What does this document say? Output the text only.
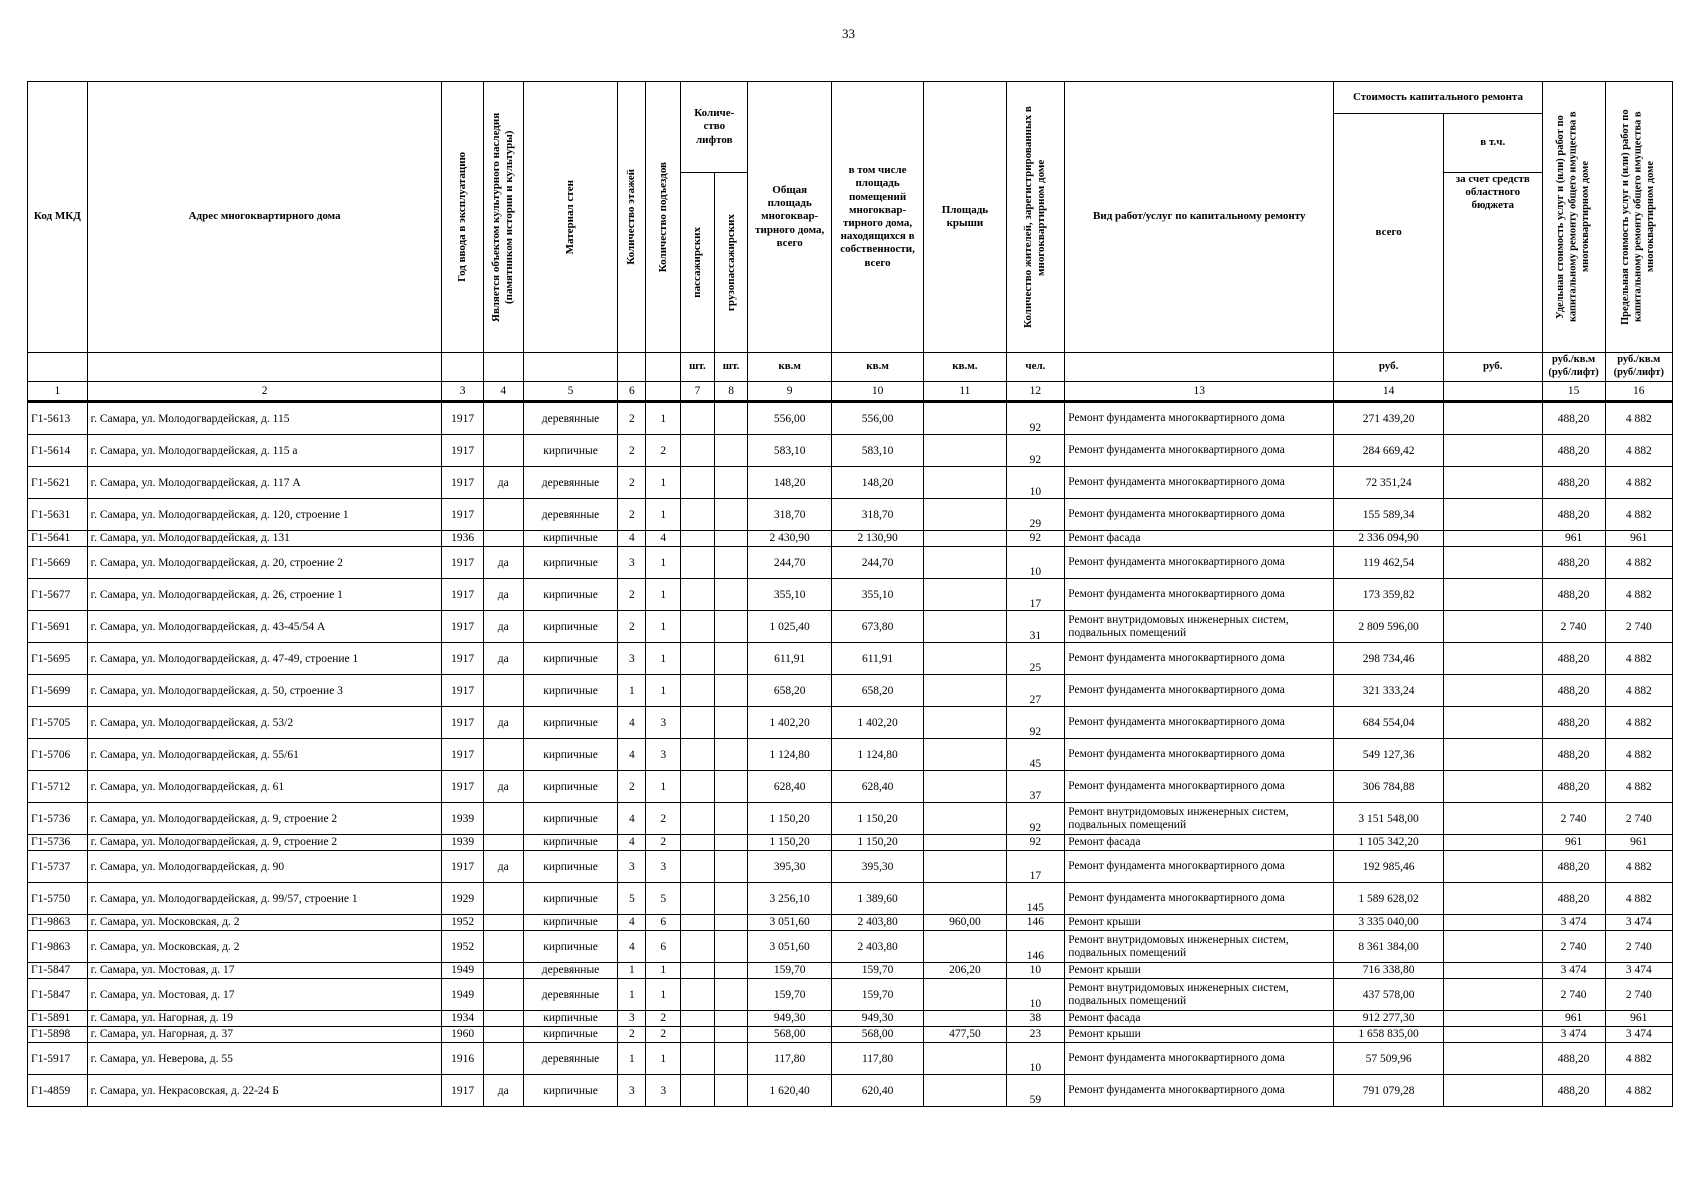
33
Код МКД	Адрес многоквартирного дома	Год ввода в эксплуатацию	Является объектом культурного наследия (памятником истории и культуры)	Материал стен	Количество этажей	Количество подъездов	Количе-ство лифтов		Общая площадь многоквар-тирного дома, всего	в том числе площадь помещений многоквар-тирного дома, находящихся в собственности, всего	Площадь крыши	Количество жителей, зарегистрированных в многоквартирном доме	Вид работ/услуг по капитальному ремонту	Стоимость капитального ремонта		Удельная стоимость услуг и (или) работ по капитальному ремонту общего имущества в многоквартирном доме	Предельная стоимость услуг и (или) работ по капитальному ремонту общего имущества в многоквартирном доме

														всего	в т.ч.		

							пассажирских	грузопассажирских							за счет средств областного бюджета		
							шт.	шт.	кв.м	кв.м	кв.м.	чел.		руб.	руб.	руб./кв.м (руб/лифт)	руб./кв.м (руб/лифт)
1	2	3	4	5	6		7	8	9	10	11	12	13	14		15	16
Г1-5613	г. Самара, ул. Молодогвардейская, д. 115	1917		деревянные	2	1			556,00	556,00		92	Ремонт фундамента многоквартирного дома	271 439,20		488,20	4 882
Г1-5614	г. Самара, ул. Молодогвардейская, д. 115 а	1917		кирпичные	2	2			583,10	583,10		92	Ремонт фундамента многоквартирного дома	284 669,42		488,20	4 882
Г1-5621	г. Самара, ул. Молодогвардейская, д. 117 А	1917	да	деревянные	2	1			148,20	148,20		10	Ремонт фундамента многоквартирного дома	72 351,24		488,20	4 882
Г1-5631	г. Самара, ул. Молодогвардейская, д. 120, строение 1	1917		деревянные	2	1			318,70	318,70		29	Ремонт фундамента многоквартирного дома	155 589,34		488,20	4 882
Г1-5641	г. Самара, ул. Молодогвардейская, д. 131	1936		кирпичные	4	4			2 430,90	2 130,90		92	Ремонт фасада	2 336 094,90		961	961
Г1-5669	г. Самара, ул. Молодогвардейская, д. 20, строение 2	1917	да	кирпичные	3	1			244,70	244,70		10	Ремонт фундамента многоквартирного дома	119 462,54		488,20	4 882
Г1-5677	г. Самара, ул. Молодогвардейская, д. 26, строение 1	1917	да	кирпичные	2	1			355,10	355,10		17	Ремонт фундамента многоквартирного дома	173 359,82		488,20	4 882
Г1-5691	г. Самара, ул. Молодогвардейская, д. 43-45/54 А	1917	да	кирпичные	2	1			1 025,40	673,80		31	Ремонт внутридомовых инженерных систем, подвальных помещений	2 809 596,00		2 740	2 740
Г1-5695	г. Самара, ул. Молодогвардейская, д. 47-49, строение 1	1917	да	кирпичные	3	1			611,91	611,91		25	Ремонт фундамента многоквартирного дома	298 734,46		488,20	4 882
Г1-5699	г. Самара, ул. Молодогвардейская, д. 50, строение 3	1917		кирпичные	1	1			658,20	658,20		27	Ремонт фундамента многоквартирного дома	321 333,24		488,20	4 882
Г1-5705	г. Самара, ул. Молодогвардейская, д. 53/2	1917	да	кирпичные	4	3			1 402,20	1 402,20		92	Ремонт фундамента многоквартирного дома	684 554,04		488,20	4 882
Г1-5706	г. Самара, ул. Молодогвардейская, д. 55/61	1917		кирпичные	4	3			1 124,80	1 124,80		45	Ремонт фундамента многоквартирного дома	549 127,36		488,20	4 882
Г1-5712	г. Самара, ул. Молодогвардейская, д. 61	1917	да	кирпичные	2	1			628,40	628,40		37	Ремонт фундамента многоквартирного дома	306 784,88		488,20	4 882
Г1-5736	г. Самара, ул. Молодогвардейская, д. 9, строение 2	1939		кирпичные	4	2			1 150,20	1 150,20		92	Ремонт внутридомовых инженерных систем, подвальных помещений	3 151 548,00		2 740	2 740
Г1-5736	г. Самара, ул. Молодогвардейская, д. 9, строение 2	1939		кирпичные	4	2			1 150,20	1 150,20		92	Ремонт фасада	1 105 342,20		961	961
Г1-5737	г. Самара, ул. Молодогвардейская, д. 90	1917	да	кирпичные	3	3			395,30	395,30		17	Ремонт фундамента многоквартирного дома	192 985,46		488,20	4 882
Г1-5750	г. Самара, ул. Молодогвардейская, д. 99/57, строение 1	1929		кирпичные	5	5			3 256,10	1 389,60		145	Ремонт фундамента многоквартирного дома	1 589 628,02		488,20	4 882
Г1-9863	г. Самара, ул. Московская, д. 2	1952		кирпичные	4	6			3 051,60	2 403,80	960,00	146	Ремонт крыши	3 335 040,00		3 474	3 474
Г1-9863	г. Самара, ул. Московская, д. 2	1952		кирпичные	4	6			3 051,60	2 403,80		146	Ремонт внутридомовых инженерных систем, подвальных помещений	8 361 384,00		2 740	2 740
Г1-5847	г. Самара, ул. Мостовая, д. 17	1949		деревянные	1	1			159,70	159,70	206,20	10	Ремонт крыши	716 338,80		3 474	3 474
Г1-5847	г. Самара, ул. Мостовая, д. 17	1949		деревянные	1	1			159,70	159,70		10	Ремонт внутридомовых инженерных систем, подвальных помещений	437 578,00		2 740	2 740
Г1-5891	г. Самара, ул. Нагорная, д. 19	1934		кирпичные	3	2			949,30	949,30		38	Ремонт фасада	912 277,30		961	961
Г1-5898	г. Самара, ул. Нагорная, д. 37	1960		кирпичные	2	2			568,00	568,00	477,50	23	Ремонт крыши	1 658 835,00		3 474	3 474
Г1-5917	г. Самара, ул. Неверова, д. 55	1916		деревянные	1	1			117,80	117,80		10	Ремонт фундамента многоквартирного дома	57 509,96		488,20	4 882
Г1-4859	г. Самара, ул. Некрасовская, д. 22-24 Б	1917	да	кирпичные	3	3			1 620,40	620,40		59	Ремонт фундамента многоквартирного дома	791 079,28		488,20	4 882
